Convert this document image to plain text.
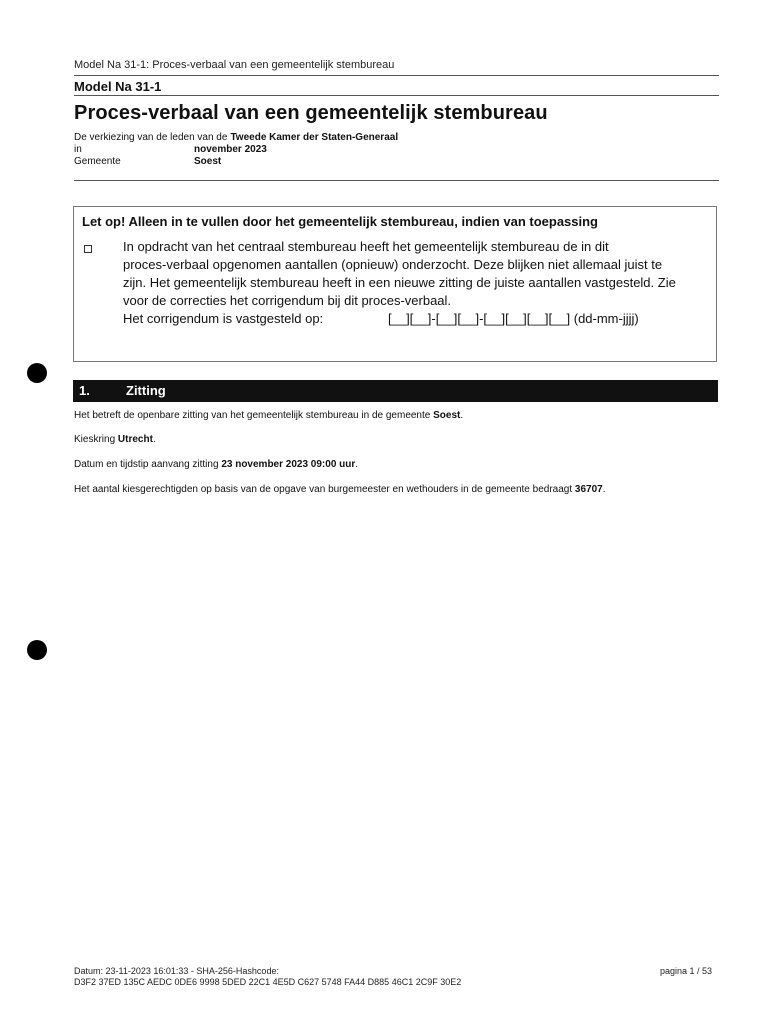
Model Na 31-1: Proces-verbaal van een gemeentelijk stembureau
Model Na 31-1
Proces-verbaal van een gemeentelijk stembureau
De verkiezing van de leden van de Tweede Kamer der Staten-Generaal
in	november 2023
Gemeente	Soest
Let op! Alleen in te vullen door het gemeentelijk stembureau, indien van toepassing

In opdracht van het centraal stembureau heeft het gemeentelijk stembureau de in dit

proces-verbaal opgenomen aantallen (opnieuw) onderzocht. Deze blijken niet allemaal juist te

zijn. Het gemeentelijk stembureau heeft in een nieuwe zitting de juiste aantallen vastgesteld. Zie

voor de correcties het corrigendum bij dit proces-verbaal.

Het corrigendum is vastgesteld op:	[__][__]-[__][__]-[__][__][__][__] (dd-mm-jjjj)
1.	Zitting
Het betreft de openbare zitting van het gemeentelijk stembureau in de gemeente Soest.
Kieskring Utrecht.
Datum en tijdstip aanvang zitting 23 november 2023 09:00 uur.
Het aantal kiesgerechtigden op basis van de opgave van burgemeester en wethouders in de gemeente bedraagt 36707.
Datum: 23-11-2023 16:01:33 - SHA-256-Hashcode:
D3F2 37ED 135C AEDC 0DE6 9998 5DED 22C1 4E5D C627 5748 FA44 D885 46C1 2C9F 30E2
pagina 1 / 53
